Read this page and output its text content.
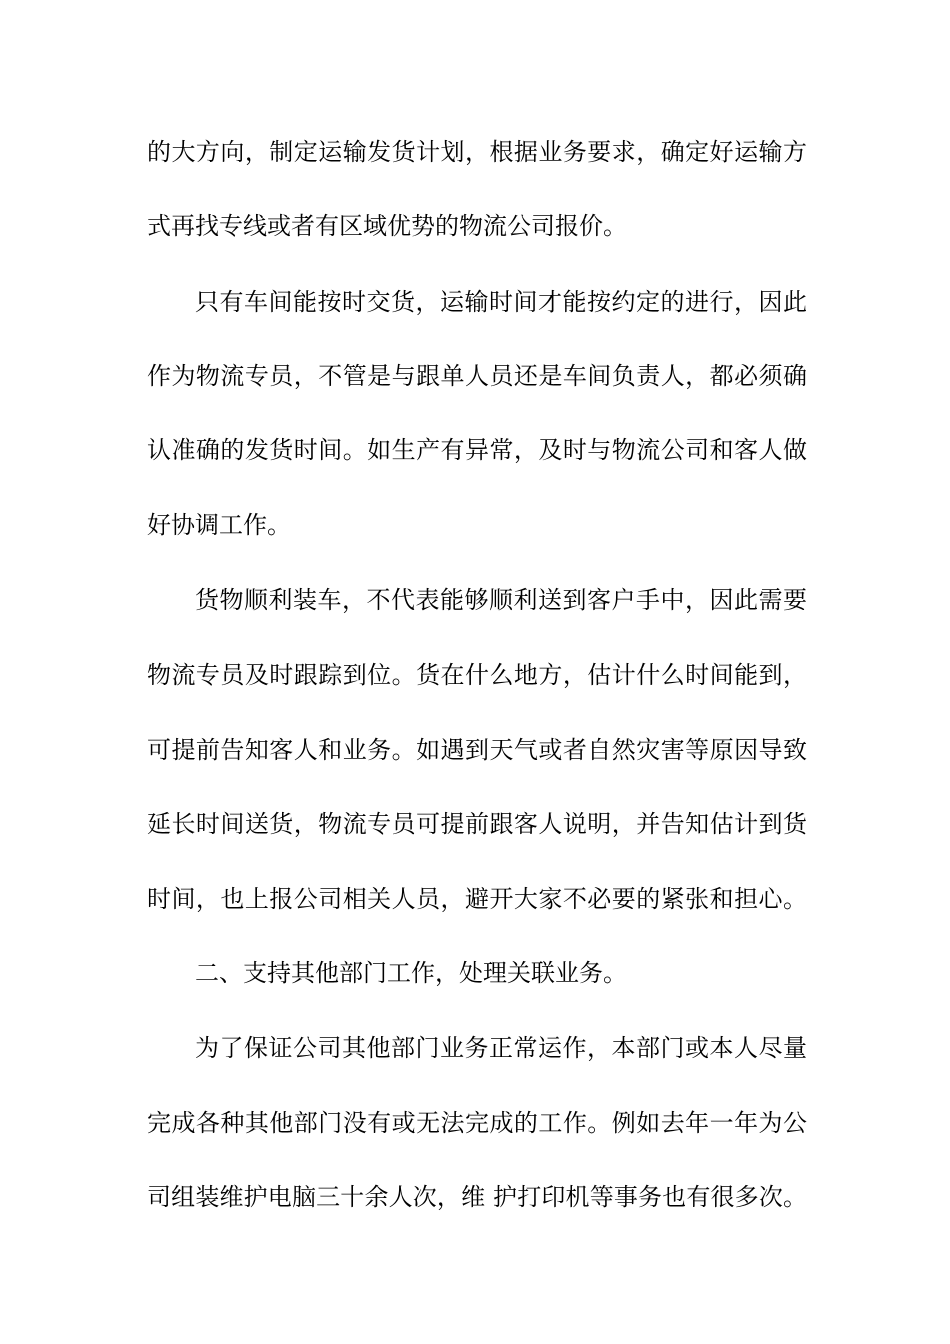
的大方向，制定运输发货计划，根据业务要求，确定好运输方
式再找专线或者有区域优势的物流公司报价。
只有车间能按时交货，运输时间才能按约定的进行，因此
作为物流专员，不管是与跟单人员还是车间负责人，都必须确
认准确的发货时间。如生产有异常，及时与物流公司和客人做
好协调工作。
货物顺利装车，不代表能够顺利送到客户手中，因此需要
物流专员及时跟踪到位。货在什么地方，估计什么时间能到，
可提前告知客人和业务。如遇到天气或者自然灾害等原因导致
延长时间送货，物流专员可提前跟客人说明，并告知估计到货
时间，也上报公司相关人员，避开大家不必要的紧张和担心。
二、支持其他部门工作，处理关联业务。
为了保证公司其他部门业务正常运作，本部门或本人尽量
完成各种其他部门没有或无法完成的工作。例如去年一年为公
司组装维护电脑三十余人次，维 护打印机等事务也有很多次。
